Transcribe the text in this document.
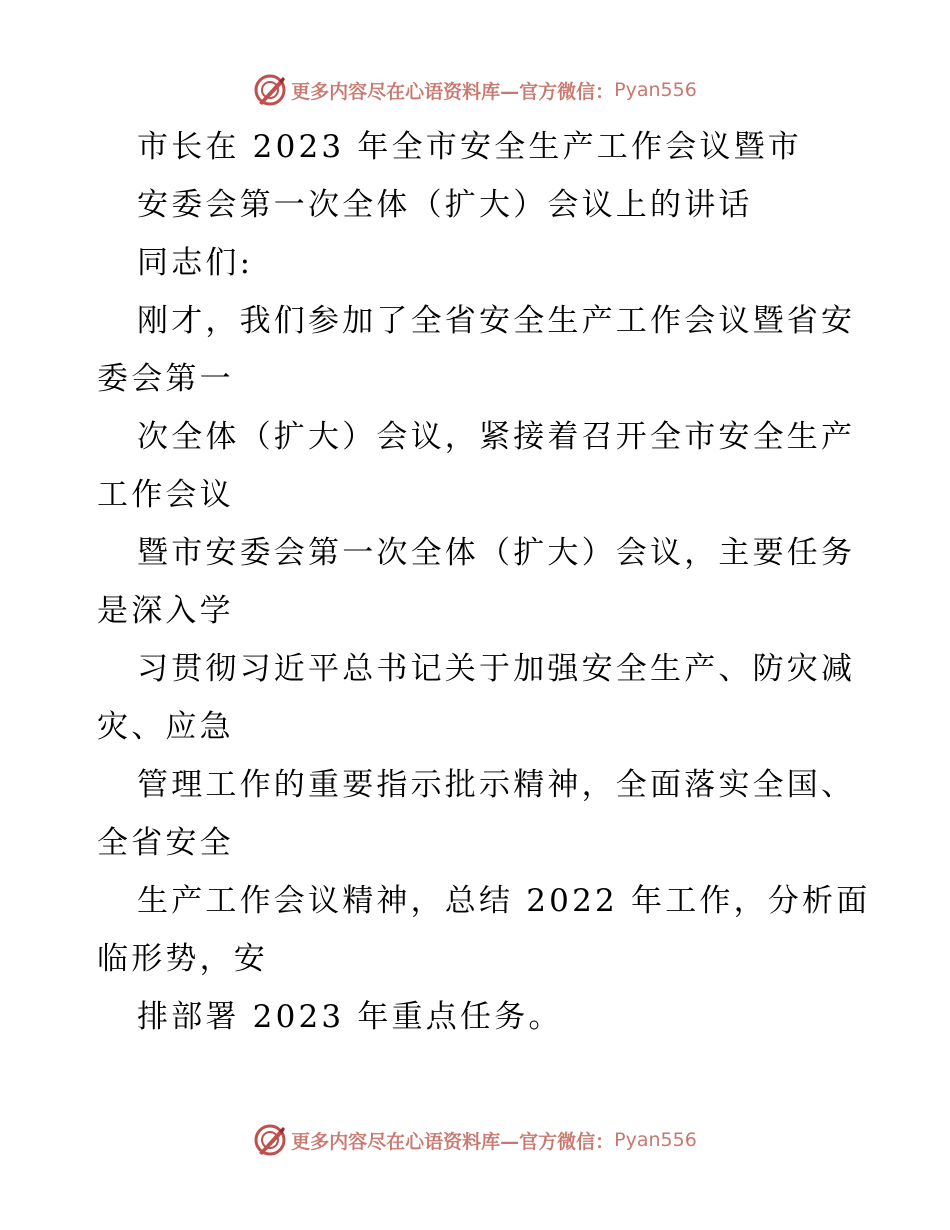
更多内容尽在心语资料库—官方微信： Pyan556
市长在 2023 年全市安全生产工作会议暨市
安委会第一次全体（扩大）会议上的讲话
同志们:
刚才，我们参加了全省安全生产工作会议暨省安
委会第一
次全体（扩大）会议，紧接着召开全市安全生产
工作会议
暨市安委会第一次全体（扩大）会议，主要任务
是深入学
习贯彻习近平总书记关于加强安全生产、防灾减
灾、应急
管理工作的重要指示批示精神，全面落实全国、
全省安全
生产工作会议精神，总结 2022 年工作，分析面
临形势，安
排部署 2023 年重点任务。
更多内容尽在心语资料库—官方微信： Pyan556
